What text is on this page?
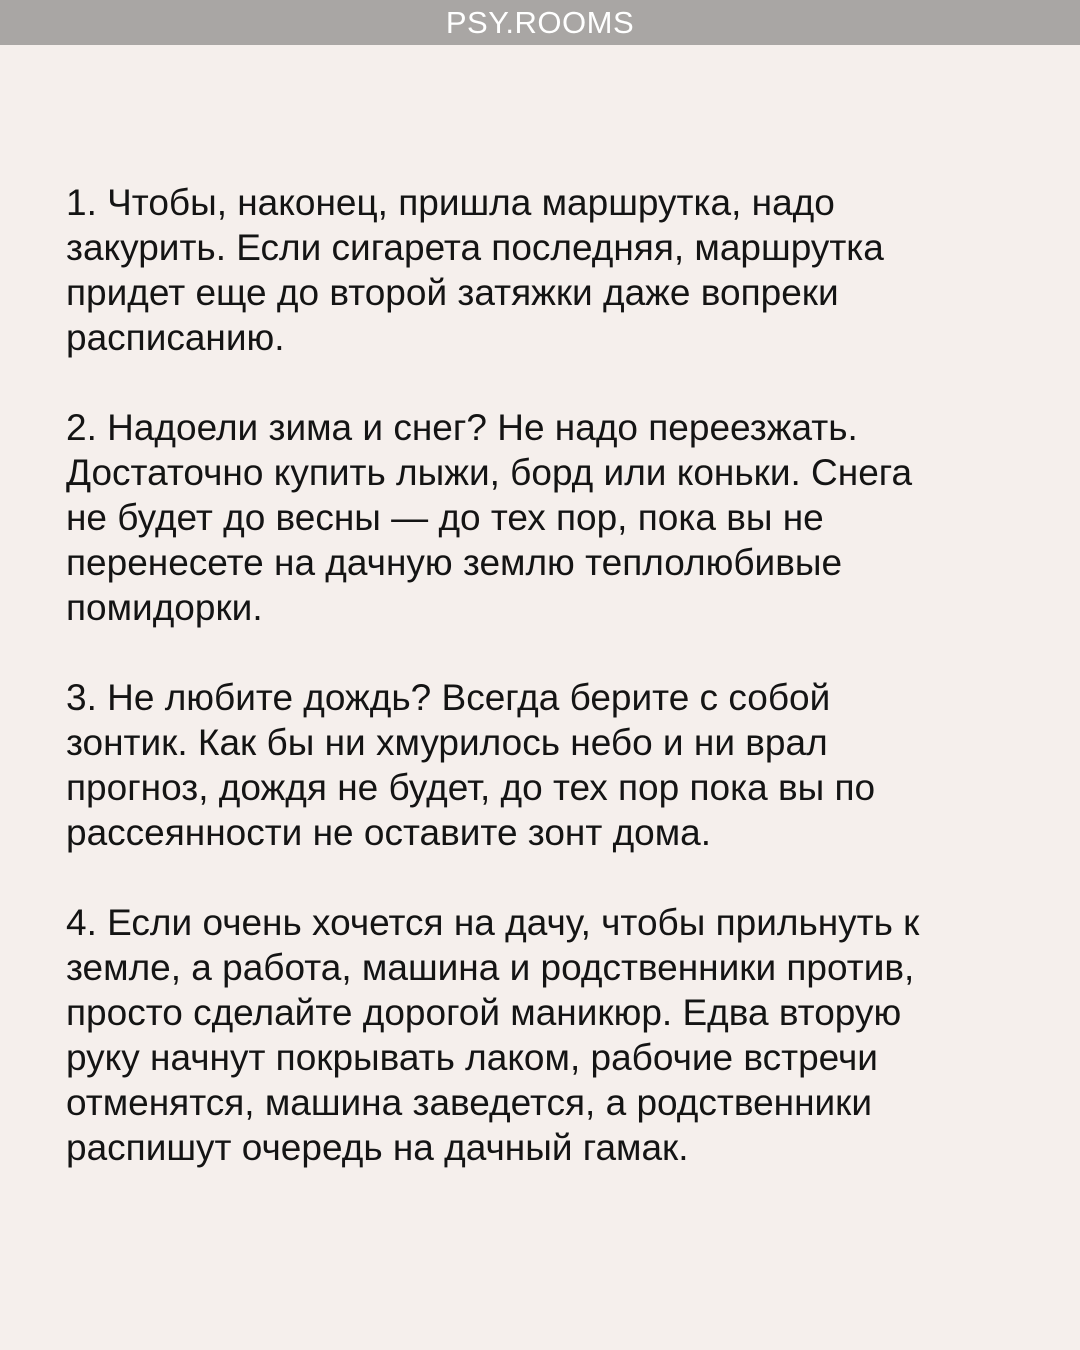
PSY.ROOMS

1. Чтобы, наконец, пришла маршрутка, надо
закурить. Если сигарета последняя, маршрутка
придет еще до второй затяжки даже вопреки
расписанию.

2. Надоели зима и снег? Не надо переезжать.
Достаточно купить лыжи, борд или коньки. Снега
не будет до весны — до тех пор, пока вы не
перенесете на дачную землю теплолюбивые
помидорки.

3. Не любите дождь? Всегда берите с собой
зонтик. Как бы ни хмурилось небо и ни врал
прогноз, дождя не будет, до тех пор пока вы по
рассеянности не оставите зонт дома.

4. Если очень хочется на дачу, чтобы прильнуть к
земле, а работа, машина и родственники против,
просто сделайте дорогой маникюр. Едва вторую
руку начнут покрывать лаком, рабочие встречи
отменятся, машина заведется, а родственники
распишут очередь на дачный гамак.
